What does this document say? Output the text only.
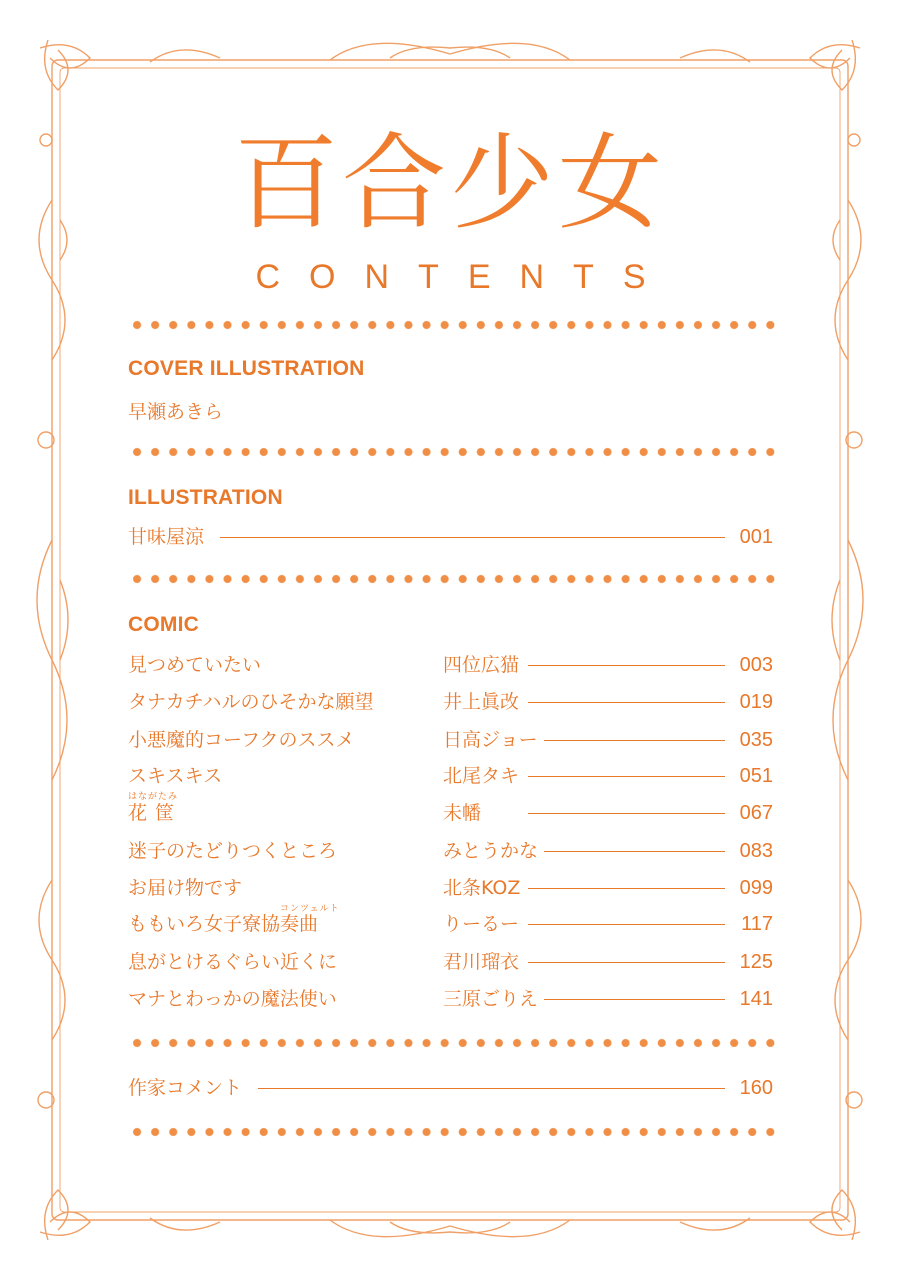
百合少女
CONTENTS
COVER ILLUSTRATION
早瀬あきら
ILLUSTRATION
甘味屋涼	001
COMIC
見つめていたい	四位広猫	003
タナカチハルのひそかな願望	井上眞改	019
小悪魔的コーフクのススメ	日高ジョー	035
スキスキス	北尾タキ	051
はながたみ
花筐	未幡	067
迷子のたどりつくところ	みとうかな	083
お届け物です	北条KOZ	099
コンツェルト
ももいろ女子寮協奏曲	りーるー	117
息がとけるぐらい近くに	君川瑠衣	125
マナとわっかの魔法使い	三原ごりえ	141
作家コメント	160
